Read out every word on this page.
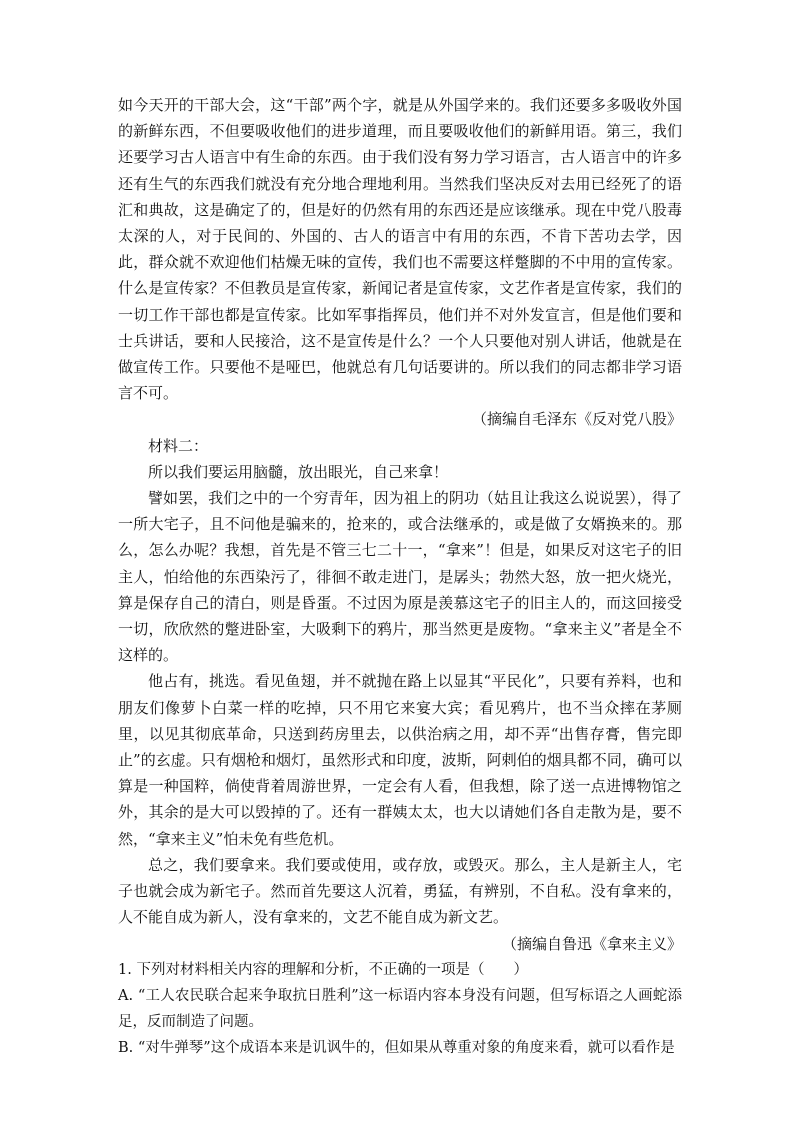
如今天开的干部大会，这“干部”两个字，就是从外国学来的。我们还要多多吸收外国的新鲜东西，不但要吸收他们的进步道理，而且要吸收他们的新鲜用语。第三，我们还要学习古人语言中有生命的东西。由于我们没有努力学习语言，古人语言中的许多还有生气的东西我们就没有充分地合理地利用。当然我们坚决反对去用已经死了的语汇和典故，这是确定了的，但是好的仍然有用的东西还是应该继承。现在中党八股毒太深的人，对于民间的、外国的、古人的语言中有用的东西，不肯下苦功去学，因此，群众就不欢迎他们枯燥无味的宣传，我们也不需要这样蹩脚的不中用的宣传家。什么是宣传家？不但教员是宣传家，新闻记者是宣传家，文艺作者是宣传家，我们的一切工作干部也都是宣传家。比如军事指挥员，他们并不对外发宣言，但是他们要和士兵讲话，要和人民接洽，这不是宣传是什么？一个人只要他对别人讲话，他就是在做宣传工作。只要他不是哑巴，他就总有几句话要讲的。所以我们的同志都非学习语言不可。

（摘编自毛泽东《反对党八股》

材料二：

所以我们要运用脑髓，放出眼光，自己来拿！

譬如罢，我们之中的一个穷青年，因为祖上的阴功（姑且让我这么说说罢），得了一所大宅子，且不问他是骗来的，抢来的，或合法继承的，或是做了女婿换来的。那么，怎么办呢？我想，首先是不管三七二十一，“拿来”！但是，如果反对这宅子的旧主人，怕给他的东西染污了，徘徊不敢走进门，是孱头；勃然大怒，放一把火烧光，算是保存自己的清白，则是昏蛋。不过因为原是羡慕这宅子的旧主人的，而这回接受一切，欣欣然的蹩进卧室，大吸剩下的鸦片，那当然更是废物。“拿来主义”者是全不这样的。

他占有，挑选。看见鱼翅，并不就抛在路上以显其“平民化”，只要有养料，也和朋友们像萝卜白菜一样的吃掉，只不用它来宴大宾；看见鸦片，也不当众摔在茅厕里，以见其彻底革命，只送到药房里去，以供治病之用，却不弄“出售存膏，售完即止”的玄虚。只有烟枪和烟灯，虽然形式和印度，波斯，阿剌伯的烟具都不同，确可以算是一种国粹，倘使背着周游世界，一定会有人看，但我想，除了送一点进博物馆之外，其余的是大可以毁掉的了。还有一群姨太太，也大以请她们各自走散为是，要不然，“拿来主义”怕未免有些危机。

总之，我们要拿来。我们要或使用，或存放，或毁灭。那么，主人是新主人，宅子也就会成为新宅子。然而首先要这人沉着，勇猛，有辨别，不自私。没有拿来的，人不能自成为新人，没有拿来的，文艺不能自成为新文艺。

（摘编自鲁迅《拿来主义》

1. 下列对材料相关内容的理解和分析，不正确的一项是（　　）

A. “工人农民联合起来争取抗日胜利”这一标语内容本身没有问题，但写标语之人画蛇添足，反而制造了问题。

B. “对牛弹琴”这个成语本来是讥讽牛的，但如果从尊重对象的角度来看，就可以看作是
